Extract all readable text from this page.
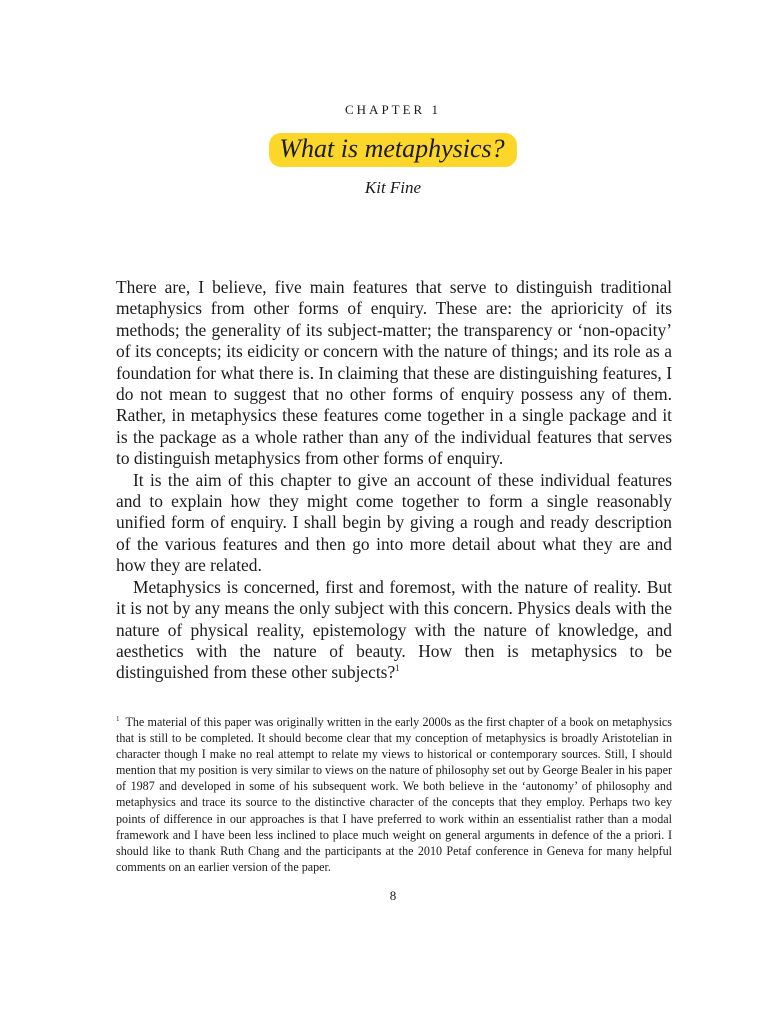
CHAPTER 1
What is metaphysics?
Kit Fine

There are, I believe, five main features that serve to distinguish traditional metaphysics from other forms of enquiry. These are: the aprioricity of its methods; the generality of its subject-matter; the transparency or ‘non-opacity’ of its concepts; its eidicity or concern with the nature of things; and its role as a foundation for what there is. In claiming that these are distinguishing features, I do not mean to suggest that no other forms of enquiry possess any of them. Rather, in metaphysics these features come together in a single package and it is the package as a whole rather than any of the individual features that serves to distinguish metaphysics from other forms of enquiry.

It is the aim of this chapter to give an account of these individual features and to explain how they might come together to form a single reasonably unified form of enquiry. I shall begin by giving a rough and ready description of the various features and then go into more detail about what they are and how they are related.

Metaphysics is concerned, first and foremost, with the nature of reality. But it is not by any means the only subject with this concern. Physics deals with the nature of physical reality, epistemology with the nature of knowledge, and aesthetics with the nature of beauty. How then is metaphysics to be distinguished from these other subjects?$^1$

$^1$ The material of this paper was originally written in the early 2000s as the first chapter of a book on metaphysics that is still to be completed. It should become clear that my conception of metaphysics is broadly Aristotelian in character though I make no real attempt to relate my views to historical or contemporary sources. Still, I should mention that my position is very similar to views on the nature of philosophy set out by George Bealer in his paper of 1987 and developed in some of his subsequent work. We both believe in the ‘autonomy’ of philosophy and metaphysics and trace its source to the distinctive character of the concepts that they employ. Perhaps two key points of difference in our approaches is that I have preferred to work within an essentialist rather than a modal framework and I have been less inclined to place much weight on general arguments in defence of the a priori. I should like to thank Ruth Chang and the participants at the 2010 Petaf conference in Geneva for many helpful comments on an earlier version of the paper.
8
